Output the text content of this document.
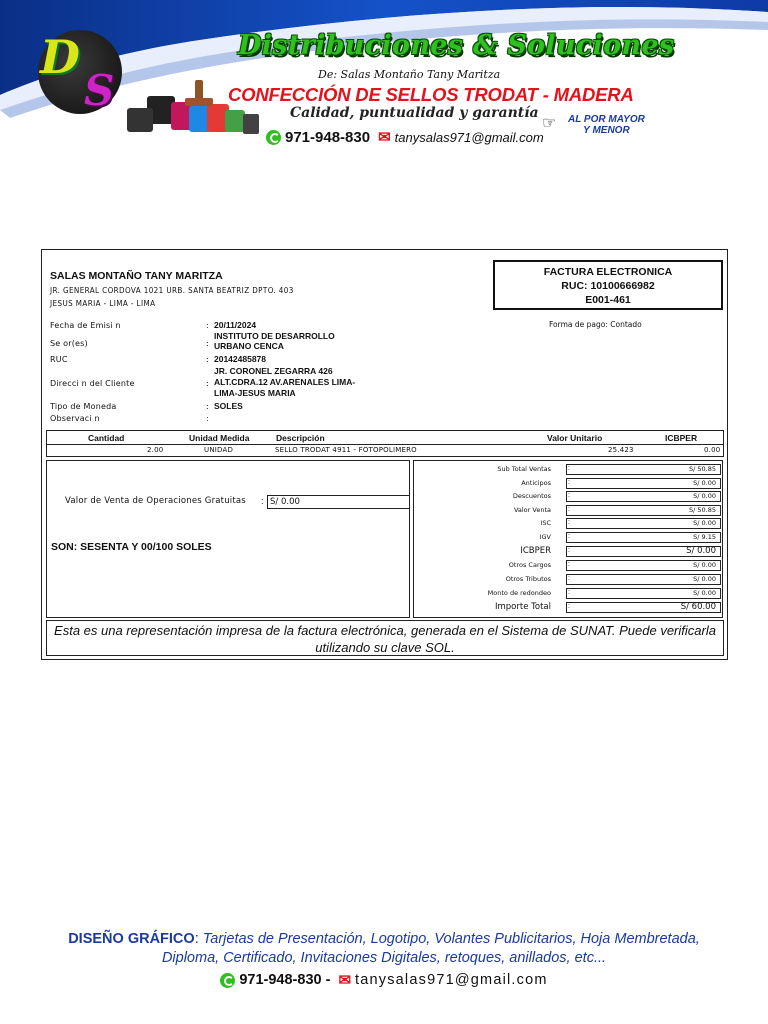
D
S
Distribuciones & Soluciones
De: Salas Montaño Tany Maritza
CONFECCIÓN DE SELLOS TRODAT - MADERA
Calidad, puntualidad y garantía
971-948-830 ✉ tanysalas971@gmail.com
☞ AL POR MAYOR
Y MENOR
SALAS MONTAÑO TANY MARITZA
JR. GENERAL CORDOVA 1021 URB. SANTA BEATRIZ DPTO. 403
JESUS MARIA - LIMA - LIMA
FACTURA ELECTRONICA
RUC: 10100666982
E001-461
Fecha de Emisi n	: 20/11/2024
Se or(es)	:
INSTITUTO DE DESARROLLO
URBANO CENCA
RUC	: 20142485878
Direcci n del Cliente	:
JR. CORONEL ZEGARRA 426
ALT.CDRA.12 AV.ARENALES LIMA-
LIMA-JESUS MARIA
Tipo de Moneda	: SOLES
Observaci n	:
Forma de pago: Contado
Cantidad	Unidad Medida	Descripción	Valor Unitario	ICBPER
2.00	UNIDAD	SELLO TRODAT 4911 - FOTOPOLIMERO	25.423	0.00
Valor de Venta de Operaciones Gratuitas : S/ 0.00
SON: SESENTA Y 00/100 SOLES
Sub Total Ventas :	S/ 50.85
Anticipos :	S/ 0.00
Descuentos :	S/ 0.00
Valor Venta :	S/ 50.85
ISC :	S/ 0.00
IGV :	S/ 9.15
ICBPER :	S/ 0.00
Otros Cargos :	S/ 0.00
Otros Tributos :	S/ 0.00
Monto de redondeo :	S/ 0.00
Importe Total :	S/ 60.00
Esta es una representación impresa de la factura electrónica, generada en el Sistema de SUNAT. Puede verificarla utilizando su clave SOL.
DISEÑO GRÁFICO: Tarjetas de Presentación, Logotipo, Volantes Publicitarios, Hoja Membretada,
Diploma, Certificado, Invitaciones Digitales, retoques, anillados, etc...
971-948-830 - ✉ tanysalas971@gmail.com
